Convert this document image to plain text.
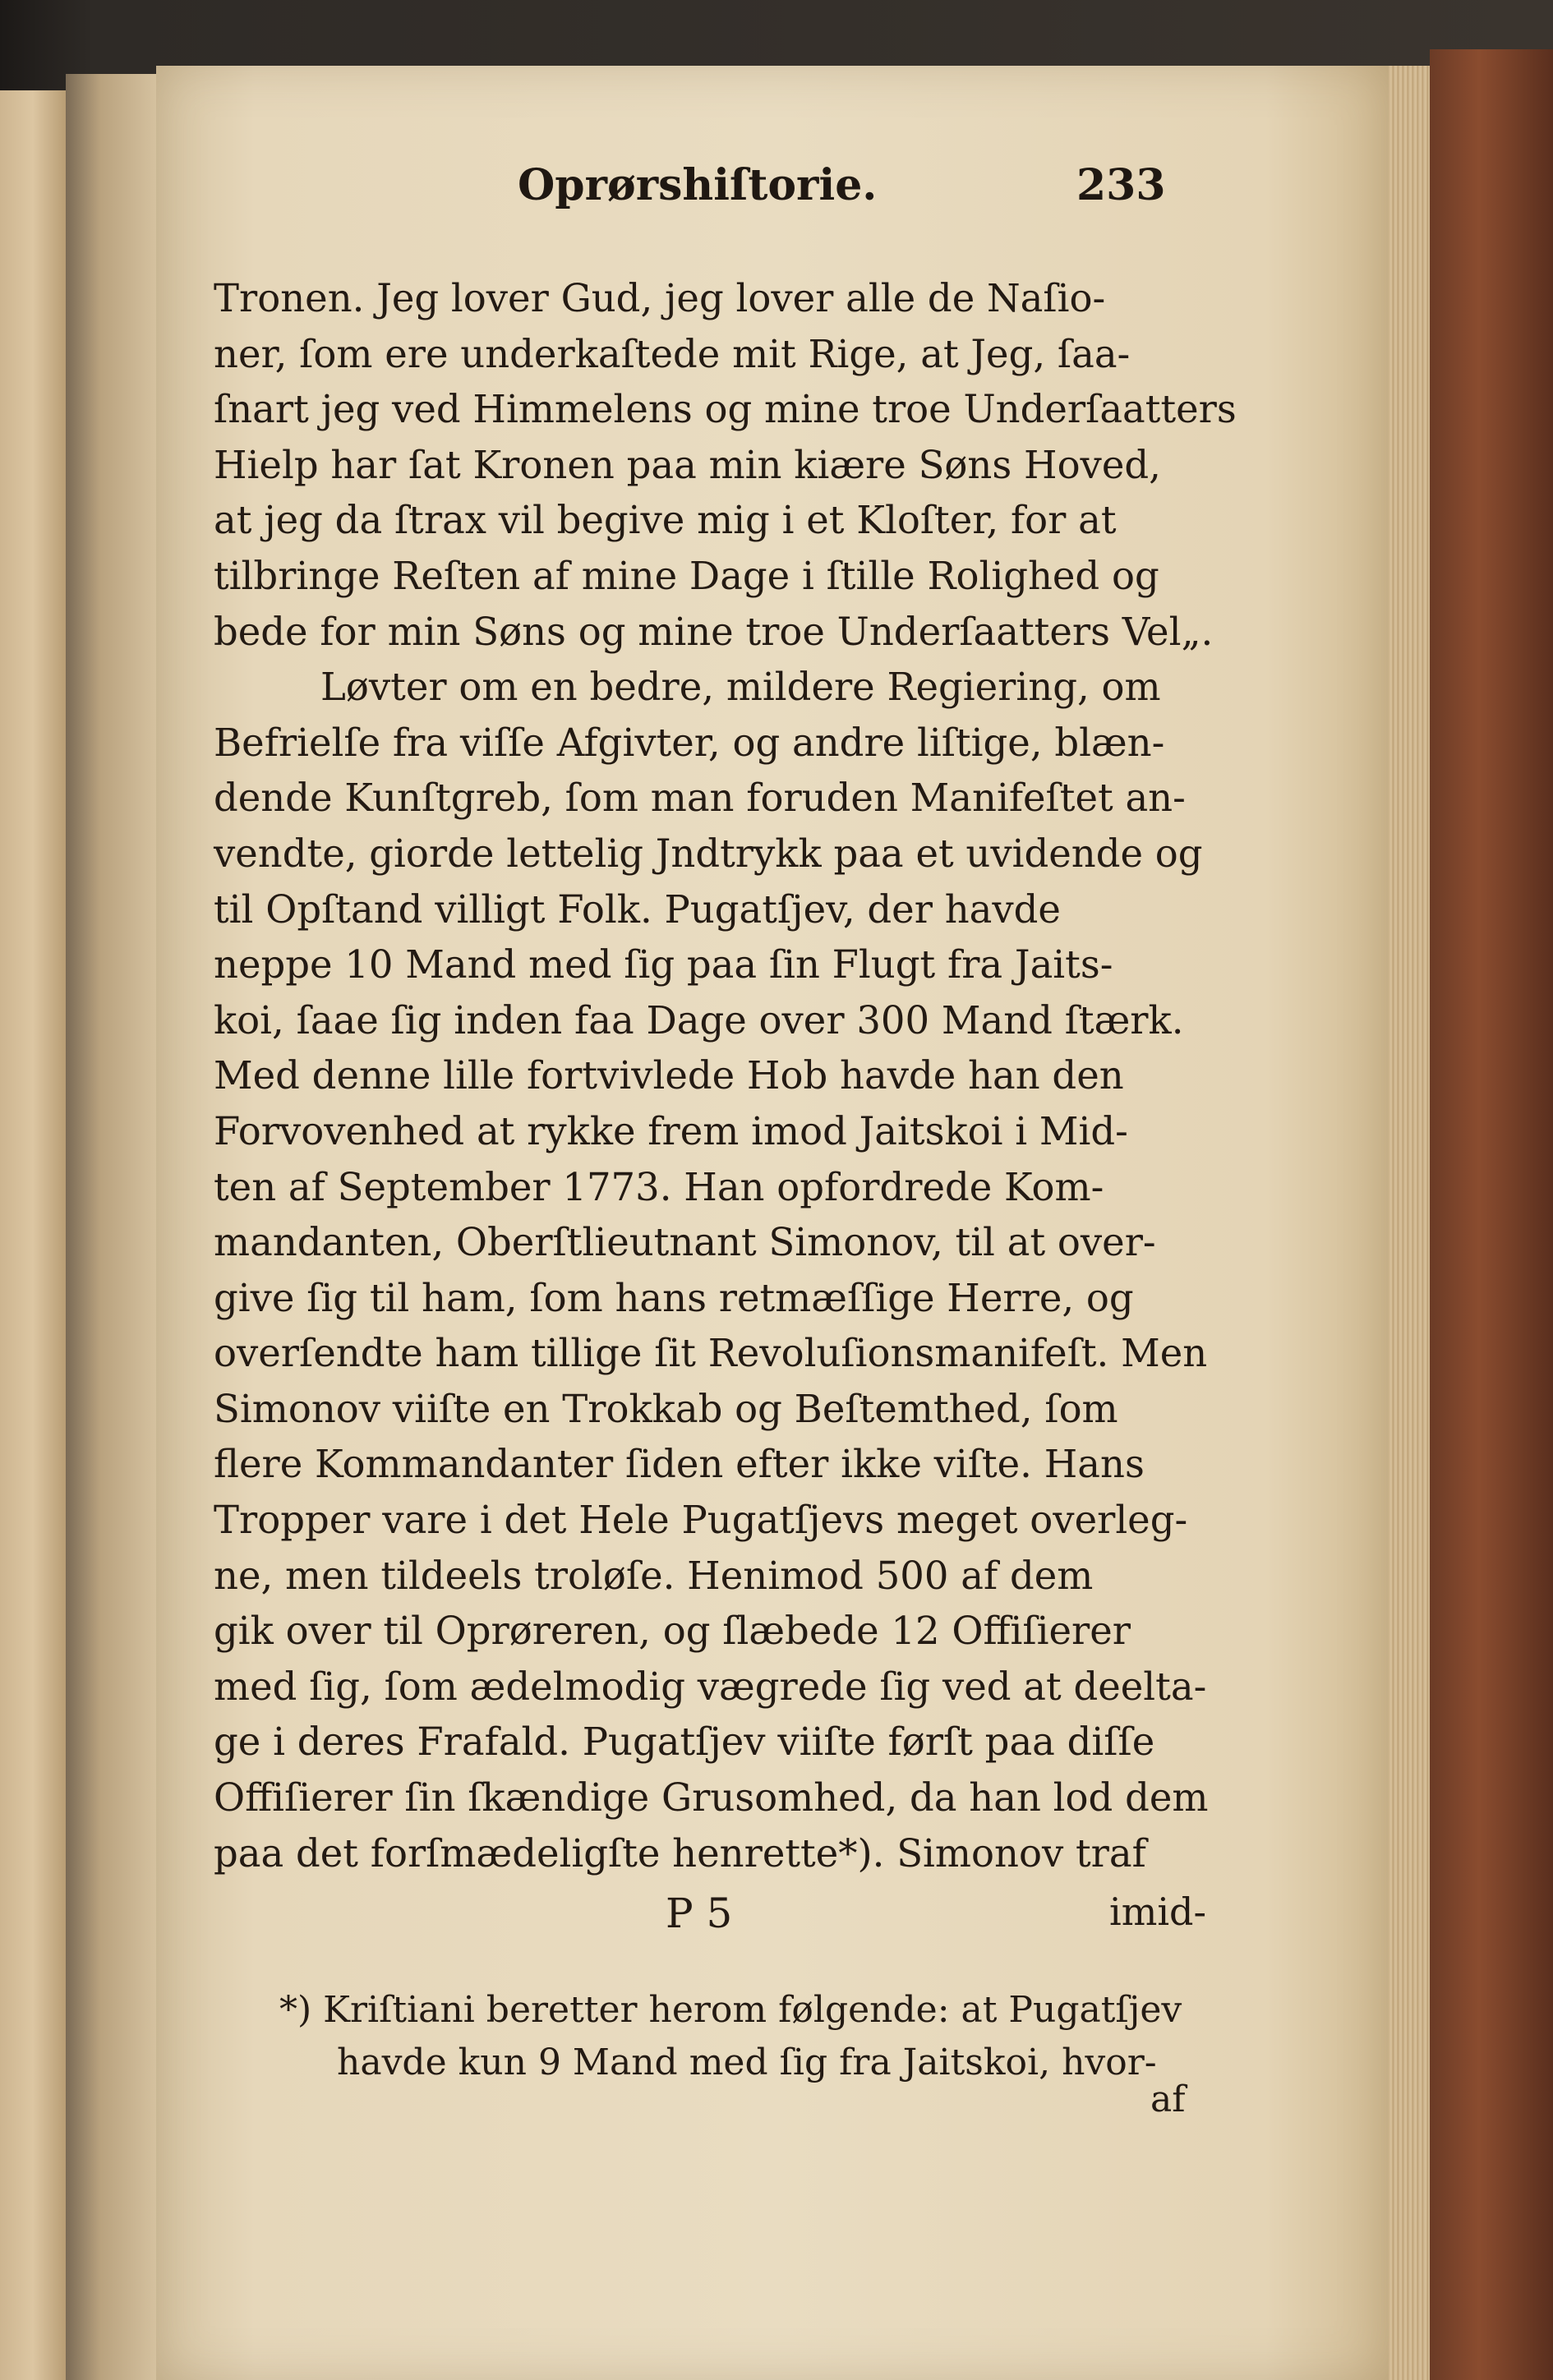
Oprørshiſtorie.	233
Tronen. Jeg lover Gud, jeg lover alle de Naſio-
ner, ſom ere underkaſtede mit Rige, at Jeg, ſaa-
ſnart jeg ved Himmelens og mine troe Underſaatters
Hielp har ſat Kronen paa min kiære Søns Hoved,
at jeg da ſtrax vil begive mig i et Kloſter, for at
tilbringe Reſten af mine Dage i ſtille Rolighed og
bede for min Søns og mine troe Underſaatters Vel„.
Løvter om en bedre, mildere Regiering, om
Befrielſe fra viſſe Afgivter, og andre liſtige, blæn-
dende Kunſtgreb, ſom man foruden Manifeſtet an-
vendte, giorde lettelig Jndtrykk paa et uvidende og
til Opſtand villigt Folk. Pugatſjev, der havde
neppe 10 Mand med ſig paa ſin Flugt fra Jaits-
koi, ſaae ſig inden faa Dage over 300 Mand ſtærk.
Med denne lille fortvivlede Hob havde han den
Forvovenhed at rykke frem imod Jaitskoi i Mid-
ten af September 1773. Han opfordrede Kom-
mandanten, Oberſtlieutnant Simonov, til at over-
give ſig til ham, ſom hans retmæſſige Herre, og
overſendte ham tillige ſit Revoluſionsmanifeſt. Men
Simonov viiſte en Trokkab og Beſtemthed, ſom
flere Kommandanter ſiden efter ikke viſte. Hans
Tropper vare i det Hele Pugatſjevs meget overleg-
ne, men tildeels troløſe. Henimod 500 af dem
gik over til Oprøreren, og ſlæbede 12 Offiſierer
med ſig, ſom ædelmodig vægrede ſig ved at deelta-
ge i deres Frafald. Pugatſjev viiſte førſt paa diſſe
Offiſierer ſin ſkændige Grusomhed, da han lod dem
paa det forſmædeligſte henrette*). Simonov traf
P 5	imid-
*) Kriſtiani beretter herom følgende: at Pugatſjev
havde kun 9 Mand med ſig fra Jaitskoi, hvor-
af
